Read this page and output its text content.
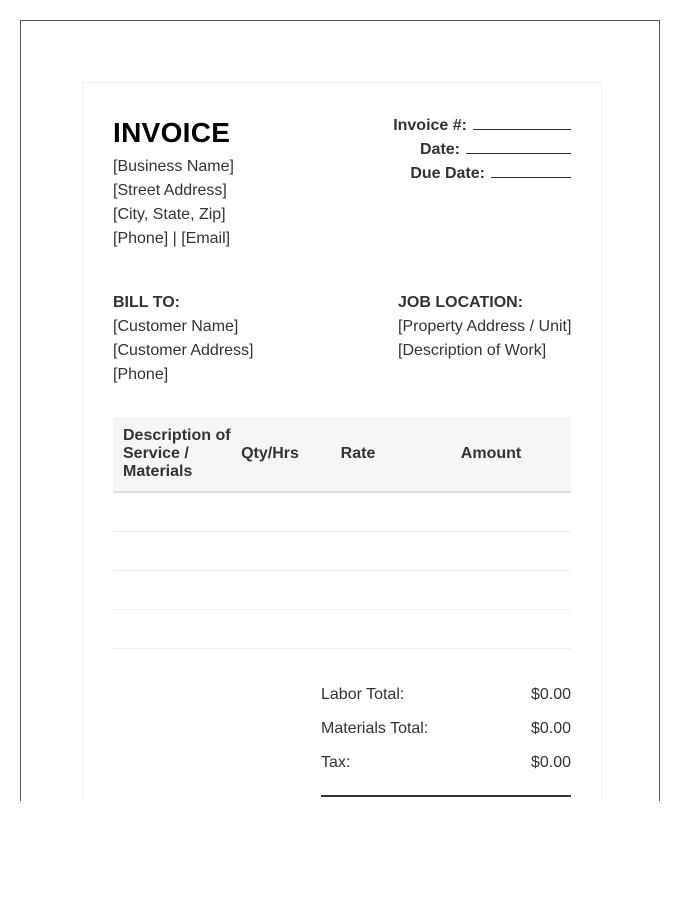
INVOICE
[Business Name]
[Street Address]
[City, State, Zip]
[Phone] | [Email]
Invoice #:
Date:
Due Date:
BILL TO:
[Customer Name]
[Customer Address]
[Phone]
JOB LOCATION:
[Property Address / Unit]
[Description of Work]
Description of Service / Materials	Qty/Hrs	Rate	Amount

Labor Total:	$0.00
Materials Total:	$0.00
Tax:	$0.00
